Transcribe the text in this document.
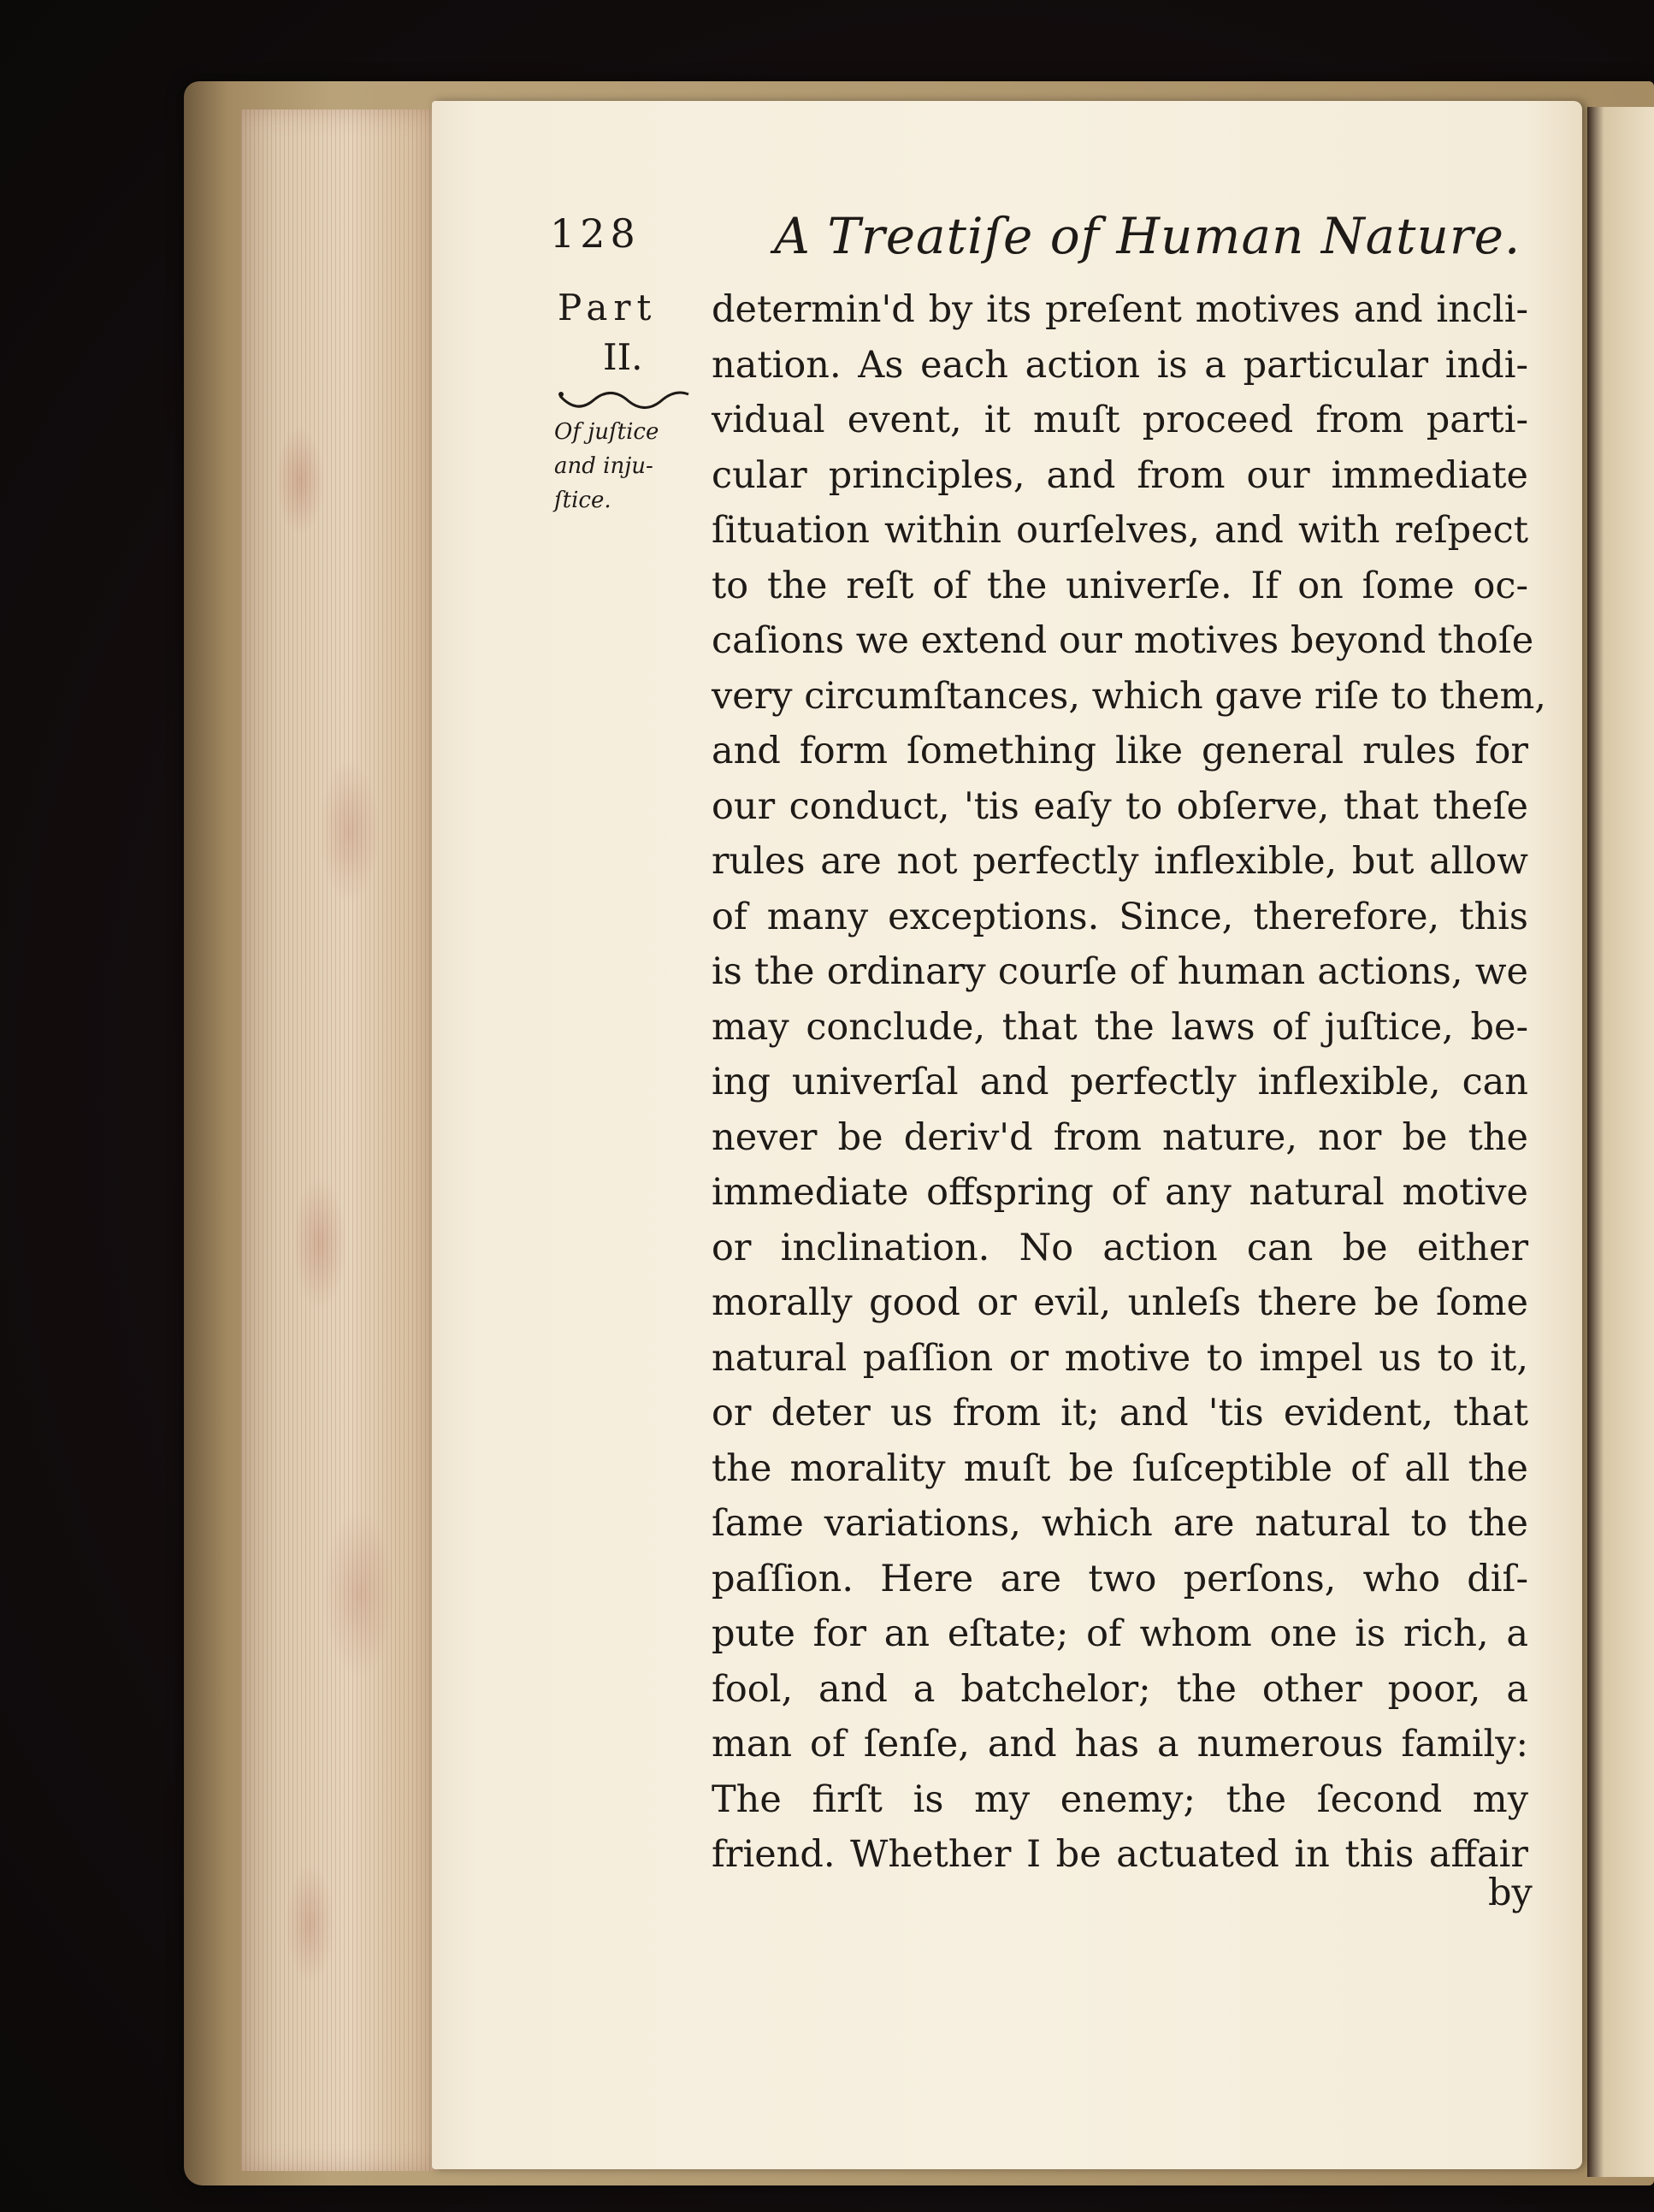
128	A Treatiſe of Human Nature.
Part
II.
Of juſtice
and inju-
ſtice.
determin'd by its preſent motives and incli-
nation. As each action is a particular indi-
vidual event, it muſt proceed from parti-
cular principles, and from our immediate
ſituation within ourſelves, and with reſpect
to the reſt of the univerſe. If on ſome oc-
caſions we extend our motives beyond thoſe
very circumſtances, which gave riſe to them,
and form ſomething like general rules for
our conduct, 'tis eaſy to obſerve, that theſe
rules are not perfectly inflexible, but allow
of many exceptions. Since, therefore, this
is the ordinary courſe of human actions, we
may conclude, that the laws of juſtice, be-
ing univerſal and perfectly inflexible, can
never be deriv'd from nature, nor be the
immediate offspring of any natural motive
or inclination. No action can be either
morally good or evil, unleſs there be ſome
natural paſſion or motive to impel us to it,
or deter us from it; and 'tis evident, that
the morality muſt be ſuſceptible of all the
ſame variations, which are natural to the
paſſion. Here are two perſons, who diſ-
pute for an eſtate; of whom one is rich, a
fool, and a batchelor; the other poor, a
man of ſenſe, and has a numerous family:
The firſt is my enemy; the ſecond my
friend. Whether I be actuated in this affair
by
